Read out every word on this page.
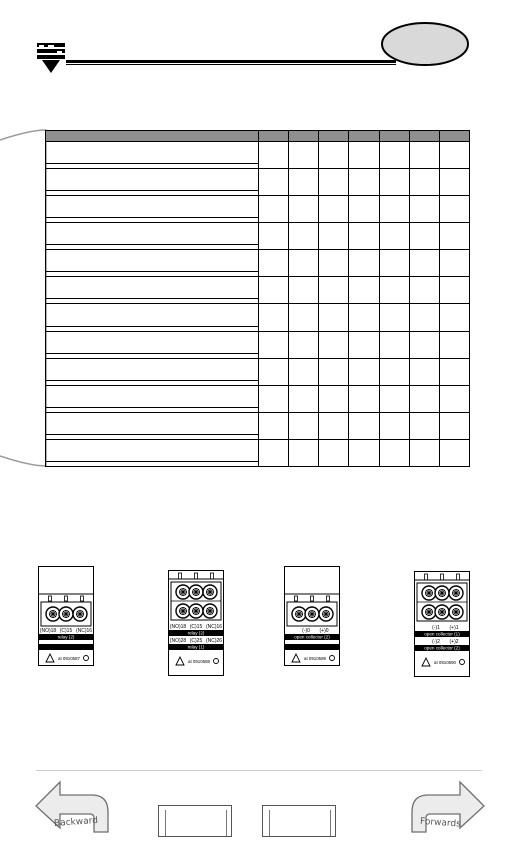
(NO)18 (C)15 (NC)16
relay (2)
at 0910587
(NO)18 (C)15 (NC)16
relay (2)
(NO)28 (C)25 (NC)26
relay (1)
at 0910588
(-)0 (+)0
open collector (2)
at 0910589
(-)1 (+)1
open collector (1)
(-)2 (+)2
open collector (2)
at 0910590
Backward	Forwards
